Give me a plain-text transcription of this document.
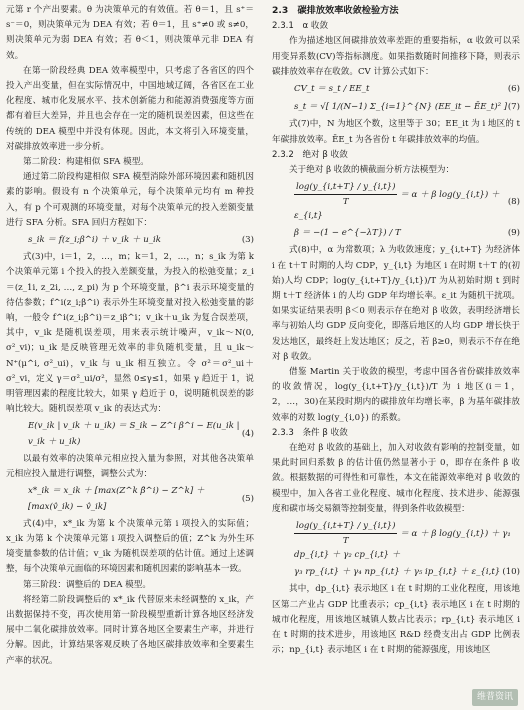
元第 r 个产出要素。θ 为决策单元的有效值。若 θ＝1，且 s⁺＝s⁻＝0，则决策单元为 DEA 有效；若 θ＝1，且 s⁺≠0 或 s≠0，则决策单元为弱 DEA 有效；若 θ＜1，则决策单元非 DEA 有效。

在第一阶段经典 DEA 效率模型中，只考虑了各省区的四个投入产出变量，但在实际情况中，中国地域辽阔，各省区在工业化程度、城市化发展水平、技术创新能力和能源消费强度等方面都有着巨大差异，并且也会存在一定的随机误差因素，但这些在传统的 DEA 模型中并没有体现。因此，本文将引入环境变量，对碳排放效率进一步分析。

第二阶段：构建相似 SFA 模型。

通过第二阶段构建相似 SFA 模型消除外部环境因素和随机因素的影响。假设有 n 个决策单元，每个决策单元均有 m 种投入，有 p 个可观测的环境变量，对每个决策单元的投入差额变量进行 SFA 分析。SFA 回归方程如下：

s_ik ＝ f(z_i;β^i) ＋ v_ik ＋ u_ik	(3)

式(3)中，i＝1，2，…，m；k＝1，2，…，n；s_ik 为第 k 个决策单元第 i 个投入的投入差额变量，为投入的松弛变量；z_i＝(z_1i, z_2i, …, z_pi) 为 p 个环境变量，β^i 表示环境变量的待估参数；f^i(z_i;β^i) 表示外生环境变量对投入松弛变量的影响，一般令 f^i(z_i;β^i)＝z_iβ^i；v_ik＋u_ik 为复合误差项，其中，v_ik 是随机误差项，用来表示统计噪声，v_ik～N(0, σ²_vi)；u_ik 是反映管理无效率的非负随机变量，且 u_ik～N⁺(μ^i, σ²_ui)，v_ik 与 u_ik 相互独立。令 σ²＝σ²_ui＋σ²_vi，定义 γ＝σ²_ui/σ²，显然 0≤γ≤1，如果 γ 趋近于 1，说明管理因素的程度比较大，如果 γ 趋近于 0，说明随机误差的影响比较大。随机误差项 v_ik 的表达式为：

E(v_ik | v_ik ＋ u_ik) ＝ S_ik − Z^i β^i − E(u_ik | v_ik ＋ u_ik)
(4)

以最有效率的决策单元相应投入量为参照，对其他各决策单元相应投入量进行调整，调整公式为：

x*_ik ＝ x_ik ＋ [max(Z^k β̂^i) − Z^k] ＋ [max(v̂_ik) − v̂_ik]
(5)

式(4)中，x*_ik 为第 k 个决策单元第 i 项投入的实际值；x_ik 为第 k 个决策单元第 i 项投入调整后的值；Z^k 为外生环境变量参数的估计值；v_ik 为随机误差项的估计值。通过上述调整，每个决策单元面临的环境因素和随机因素的影响基本一致。

第三阶段：调整后的 DEA 模型。

将经第二阶段调整后的 x*_ik 代替原来未经调整的 x_ik，产出数据保持不变，再次使用第一阶段模型重新计算各地区经济发展中二氧化碳排放效率。同时计算各地区全要素生产率，并进行分解。因此，计算结果客观反映了各地区碳排放效率和全要素生产率的状况。

2.3　碳排放效率收敛检验方法
2.3.1　α 收敛

作为描述地区间碳排放效率差距的重要指标，α 收敛可以采用变异系数(CV)等指标测度。如果指数随时间推移下降，则表示碳排放效率存在收敛。CV 计算公式如下：

CV_t ＝ s_t / EE_t	(6)
s_t ＝ √[ 1/(N−1) Σ_{i=1}^{N} (EE_it − ĒE_t)² ] (7)

式(7)中，N 为地区个数，这里等于 30；EE_it 为 i 地区的 t 年碳排放效率。ĒE_t 为各省份 t 年碳排放效率的均值。

2.3.2　绝对 β 收敛

关于绝对 β 收敛的横截面分析方法模型为：

$\frac{\log(y\_\{i,t+T\} / y\_\{i,t\})}{T} = \alpha + \beta$ log(y_{i,t}) ＋ ε_{i,t}
(8)
β ＝ −(1 − e^{−λT}) / T	(9)

式(8)中，α 为常数项；λ 为收敛速度；y_{i,t+T} 为经济体 i 在 t＋T 时期的人均 CDP，y_{i,t} 为地区 i 在时期 t＋T 的(初始)人均 CDP；log(y_{i,t+T}/y_{i,t})/T 为从初始时期 t 到时期 t＋T 经济体 i 的人均 GDP 年均增长率。ε_it 为随机干扰项。如果实证结果表明 β＜0 则表示存在绝对 β 收敛，表明经济增长率与初始人均 GDP 反向变化，即落后地区的人均 GDP 增长快于发达地区，最终赶上发达地区；反之，若 β≥0，则表示不存在绝对 β 收敛。

借鉴 Martin 关于收敛的模型，考虑中国各省份碳排放效率的收敛情况，log(y_{i,t+T}/y_{i,t})/T 为 i 地区(i＝1，2，…，30)在某段时期内的碳排放年均增长率，β 为基年碳排放效率的对数 log(y_{i,0}) 的系数。

2.3.3　条件 β 收敛

在绝对 β 收敛的基础上，加入对收敛有影响的控制变量，如果此时回归系数 β 的估计值仍然显著小于 0，即存在条件 β 收敛。根据数据的可得性和可靠性，本文在能源效率绝对 β 收敛的模型中，加入各省工业化程度、城市化程度、技术进步、能源强度和碳市场交易额等控制变量，得到条件收敛模型：

$\frac{\log(y\_\{i,t+T\} / y\_\{i,t\})}{T} = \alpha + \beta$ log(y_{i,t}) ＋ γ₁ dp_{i,t} ＋ γ₂ cp_{i,t} ＋
γ₃ rp_{i,t} ＋ γ₄ np_{i,t} ＋ γ₅ ip_{i,t} ＋ ε_{i,t} (10)

其中，dp_{i,t} 表示地区 i 在 t 时期的工业化程度，用该地区第二产业占 GDP 比重表示；cp_{i,t} 表示地区 i 在 t 时期的城市化程度，用该地区城镇人数占比表示；rp_{i,t} 表示地区 i 在 t 时期的技术进步，用该地区 R&D 经费支出占 GDP 比例表示；np_{i,t} 表示地区 i 在 t 时期的能源强度，用该地区

维普资讯
